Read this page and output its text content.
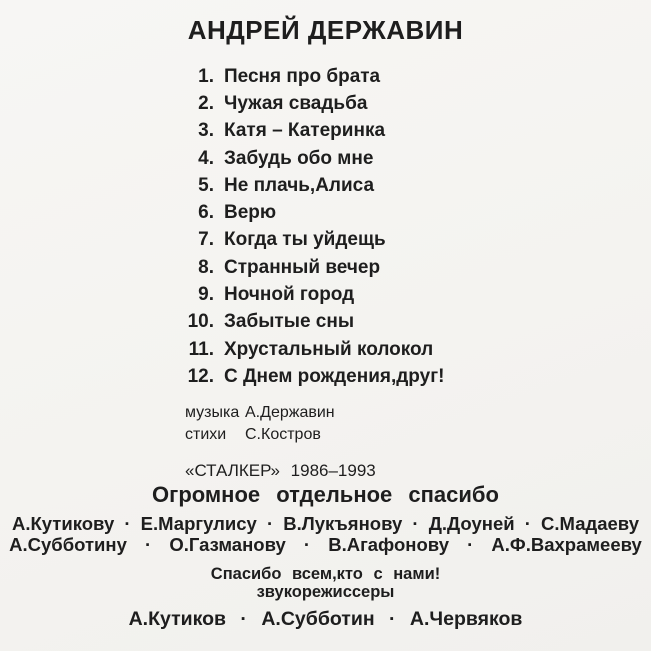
АНДРЕЙ ДЕРЖАВИН
1. Песня про брата
2. Чужая свадьба
3. Катя – Катеринка
4. Забудь обо мне
5. Не плачь,Алиса
6. Верю
7. Когда ты уйдещь
8. Странный вечер
9. Ночной город
10. Забытые сны
11. Хрустальный колокол
12. С Днем рождения,друг!
музыка А.Державин
стихи	С.Костров
«СТАЛКЕР» 1986–1993
Огромное отдельное спасибо
А.Кутикову · Е.Маргулису · В.Лукъянову · Д.Доуней · С.Мадаеву
А.Субботину · О.Газманову · В.Агафонову · А.Ф.Вахрамееву
Спасибо всем,кто с нами!
звукорежиссеры
А.Кутиков · А.Субботин · А.Червяков
